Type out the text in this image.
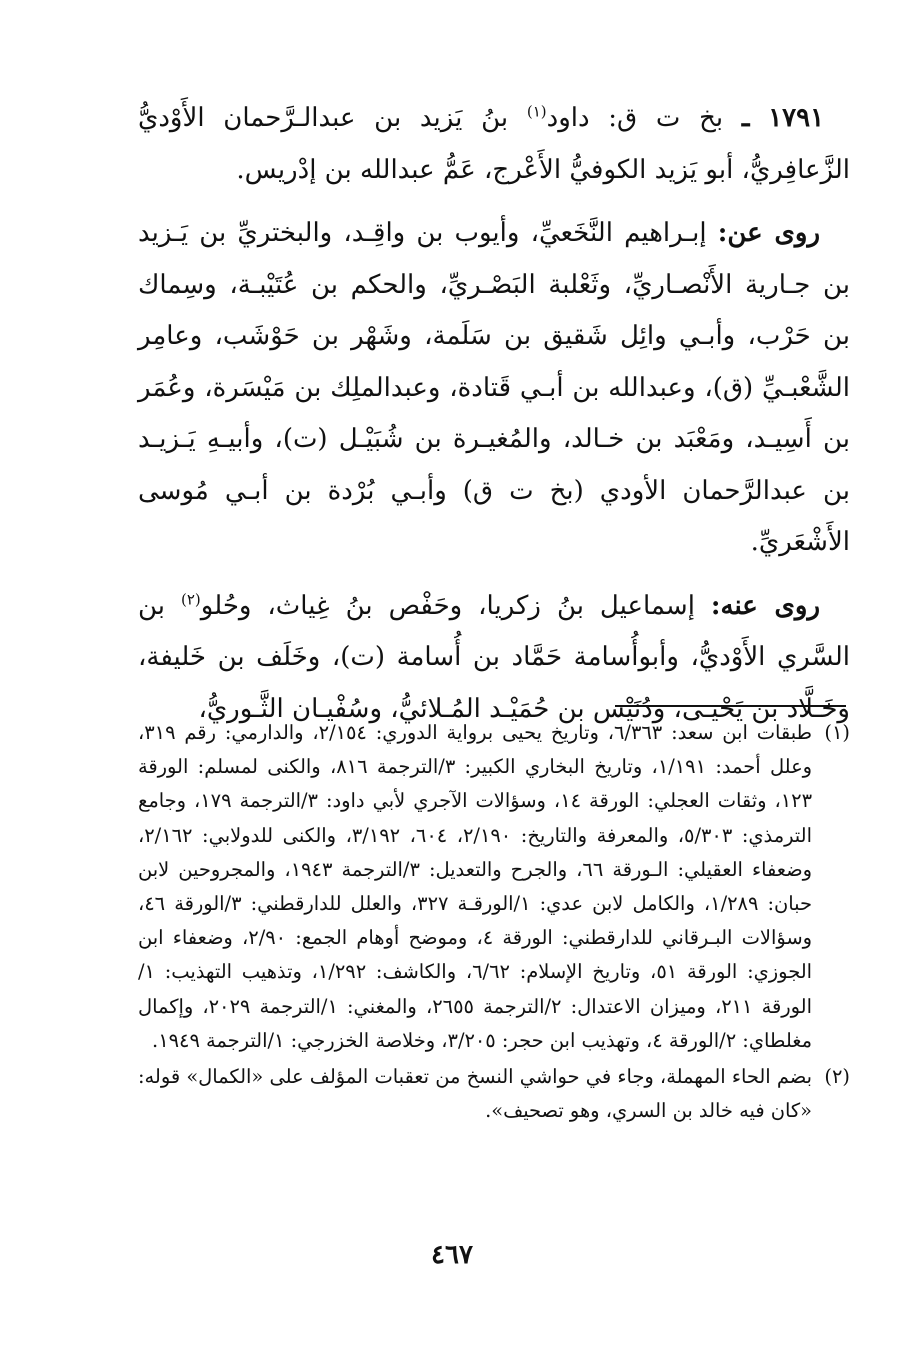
١٧٩١ ـ بخ ت ق: داود$^{(١)}$ بنُ يَزيد بن عبدالـرَّحمان الأَوْديُّ الزَّعافِريُّ، أبو يَزيد الكوفيُّ الأَعْرج، عَمُّ عبدالله بن إدْريس.

روى عن: إبـراهيم النَّخَعيِّ، وأيوب بن واقِـد، والبختريِّ بن يَـزيد بن جـارية الأَنْصـاريِّ، وثَعْلبة البَصْـريِّ، والحكم بن عُتَيْبـة، وسِماك بن حَرْب، وأبـي وائِل شَقيق بن سَلَمة، وشَهْر بن حَوْشَب، وعامِر الشَّعْبـيِّ (ق)، وعبدالله بن أبـي قَتادة، وعبدالملِك بن مَيْسَرة، وعُمَر بن أَسِيـد، ومَعْبَد بن خـالد، والمُغيـرة بن شُبَيْـل (ت)، وأبيـهِ يَـزيـد بن عبدالرَّحمان الأودي (بخ ت ق) وأبـي بُرْدة بن أبـي مُوسى الأَشْعَريِّ.

روى عنه: إسماعيل بنُ زكريا، وحَفْص بنُ غِياث، وحُلو$^{(٢)}$ بن السَّري الأَوْديُّ، وأبوأُسامة حَمَّاد بن أُسامة (ت)، وخَلَف بن خَليفة، وخَـلَّاد بن يَحْيـى، ودُنَيْس بن حُمَيْـد المُـلائيُّ، وسُفْيـان الثَّـوريُّ،

(١)
طبقات ابن سعد: ٦/٣٦٣، وتاريخ يحيى برواية الدوري: ٢/١٥٤، والدارمي: رقم ٣١٩، وعلل أحمد: ١/١٩١، وتاريخ البخاري الكبير: ٣/الترجمة ٨١٦، والكنى لمسلم: الورقة ١٢٣، وثقات العجلي: الورقة ١٤، وسؤالات الآجري لأبي داود: ٣/الترجمة ١٧٩، وجامع الترمذي: ٥/٣٠٣، والمعرفة والتاريخ: ٢/١٩٠، ٦٠٤، ٣/١٩٢، والكنى للدولابي: ٢/١٦٢، وضعفاء العقيلي: الـورقة ٦٦، والجرح والتعديل: ٣/الترجمة ١٩٤٣، والمجروحين لابن حبان: ١/٢٨٩، والكامل لابن عدي: ١/الورقـة ٣٢٧، والعلل للدارقطني: ٣/الورقة ٤٦، وسؤالات البـرقاني للدارقطني: الورقة ٤، وموضح أوهام الجمع: ٢/٩٠، وضعفاء ابن الجوزي: الورقة ٥١، وتاريخ الإسلام: ٦/٦٢، والكاشف: ١/٢٩٢، وتذهيب التهذيب: ١/الورقة ٢١١، وميزان الاعتدال: ٢/الترجمة ٢٦٥٥، والمغني: ١/الترجمة ٢٠٢٩، وإكمال مغلطاي: ٢/الورقة ٤، وتهذيب ابن حجر: ٣/٢٠٥، وخلاصة الخزرجي: ١/الترجمة ١٩٤٩.
(٢)
بضم الحاء المهملة، وجاء في حواشي النسخ من تعقبات المؤلف على «الكمال» قوله: «كان فيه خالد بن السري، وهو تصحيف».
٤٦٧
